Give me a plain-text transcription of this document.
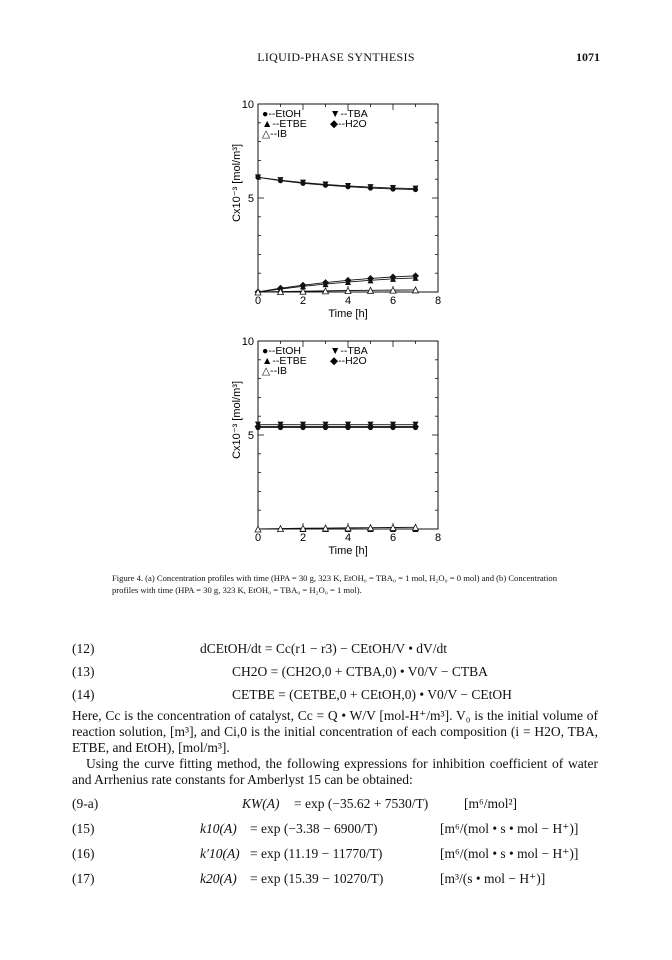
LIQUID-PHASE SYNTHESIS	1071
0	2	4	6	8
5
10
Time [h]
Cx10⁻³ [mol/m³]
●--EtOH	▼--TBA
▲--ETBE ◆--H2O
△--IB
0	2	4	6	8
5
10
Time [h]
Cx10⁻³ [mol/m³]
●--EtOH	▼--TBA
▲--ETBE ◆--H2O
△--IB
Figure 4. (a) Concentration profiles with time (HPA = 30 g, 323 K, EtOH₀ = TBA₀ = 1 mol, H₂O₀ = 0 mol) and (b) Concentration profiles with time (HPA = 30 g, 323 K, EtOH₀ = TBA₀ = H₂O₀ = 1 mol).
(12)	dCEtOH/dt = Cc(r1 − r3) − CEtOH/V • dV/dt
(13)	CH2O = (CH2O,0 + CTBA,0) • V0/V − CTBA
(14)	CETBE = (CETBE,0 + CEtOH,0) • V0/V − CEtOH
Here, Cc is the concentration of catalyst, Cc = Q • W/V [mol-H⁺/m³]. V₀ is the initial volume of reaction solution, [m³], and Ci,0 is the initial concentration of each composition (i = H2O, TBA, ETBE, and EtOH), [mol/m³].
Using the curve fitting method, the following expressions for inhibition coefficient of water and Arrhenius rate constants for Amberlyst 15 can be obtained:
(9-a)	KW(A) = exp (−35.62 + 7530/T)	[m⁶/mol²]
(15)	k10(A) = exp (−3.38 − 6900/T)	[m⁶/(mol • s • mol − H⁺)]
(16)	k′10(A) = exp (11.19 − 11770/T)	[m⁶/(mol • s • mol − H⁺)]
(17)	k20(A) = exp (15.39 − 10270/T)	[m³/(s • mol − H⁺)]
